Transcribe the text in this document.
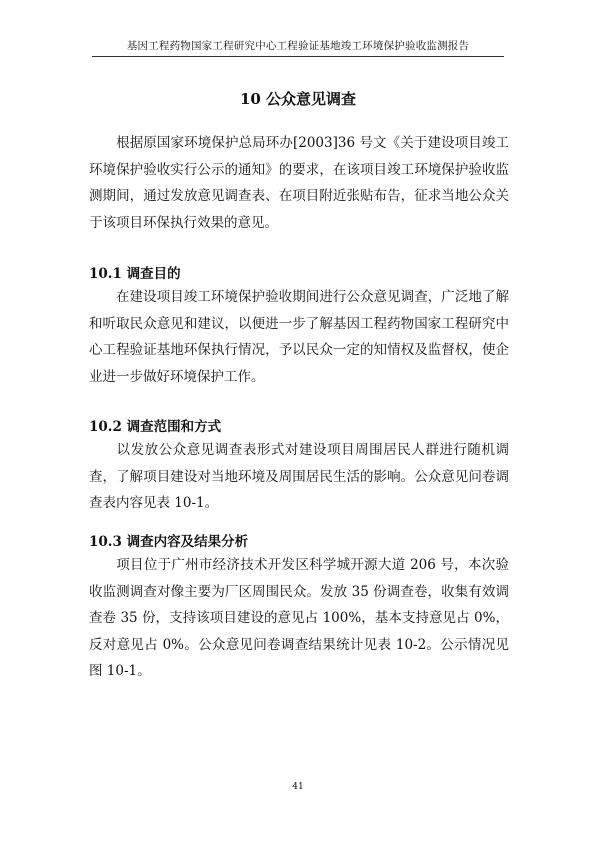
基因工程药物国家工程研究中心工程验证基地竣工环境保护验收监测报告
10 公众意见调查
根据原国家环境保护总局环办[2003]36 号文《关于建设项目竣工环境保护验收实行公示的通知》的要求，在该项目竣工环境保护验收监测期间，通过发放意见调查表、在项目附近张贴布告，征求当地公众关于该项目环保执行效果的意见。
10.1 调查目的
在建设项目竣工环境保护验收期间进行公众意见调查，广泛地了解和听取民众意见和建议，以便进一步了解基因工程药物国家工程研究中心工程验证基地环保执行情况，予以民众一定的知情权及监督权，使企业进一步做好环境保护工作。
10.2 调查范围和方式
以发放公众意见调查表形式对建设项目周围居民人群进行随机调查，了解项目建设对当地环境及周围居民生活的影响。公众意见问卷调查表内容见表 10-1。
10.3 调查内容及结果分析
项目位于广州市经济技术开发区科学城开源大道 206 号，本次验收监测调查对像主要为厂区周围民众。发放 35 份调查卷，收集有效调查卷 35 份，支持该项目建设的意见占 100%，基本支持意见占 0%，反对意见占 0%。公众意见问卷调查结果统计见表 10-2。公示情况见图 10-1。
41
